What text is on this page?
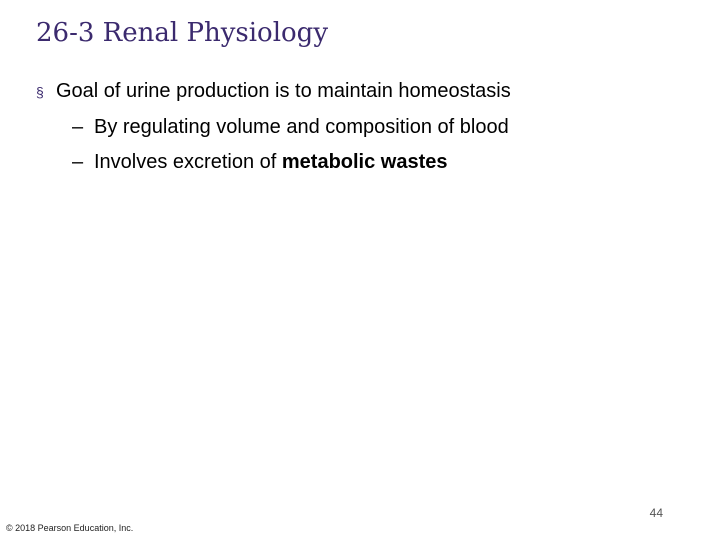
26-3 Renal Physiology
§ Goal of urine production is to maintain homeostasis
– By regulating volume and composition of blood
– Involves excretion of metabolic wastes
44
© 2018 Pearson Education, Inc.
